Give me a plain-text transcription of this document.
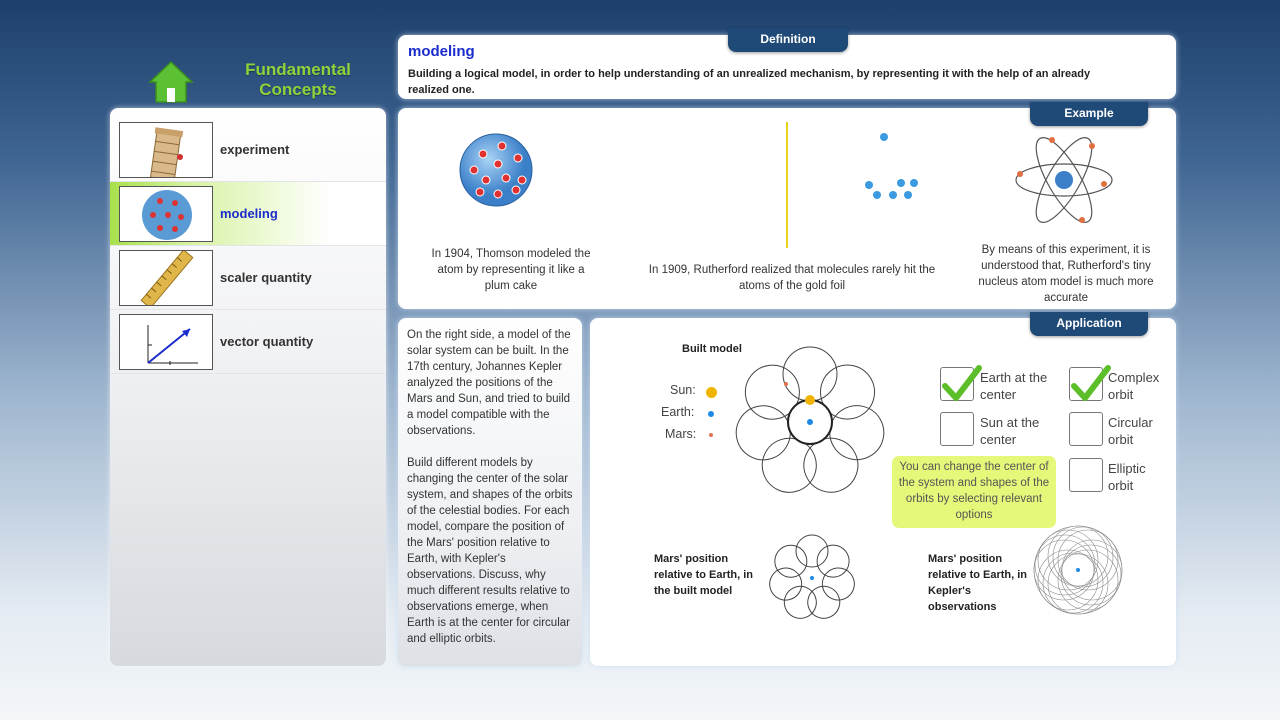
Fundamental
Concepts
experiment
modeling
scaler quantity
vector quantity
modeling
Building a logical model, in order to help understanding of an unrealized mechanism, by representing it with the help of an already realized one.
Definition
In 1904, Thomson modeled the atom by representing it like a plum cake
In 1909, Rutherford realized that molecules rarely hit the atoms of the gold foil
By means of this experiment, it is understood that, Rutherford's tiny nucleus atom model is much more accurate
Example
On the right side, a model of the solar system can be built. In the 17th century, Johannes Kepler analyzed the positions of the Mars and Sun, and tried to build a model compatible with the observations.
Build different models by changing the center of the solar system, and shapes of the orbits of the celestial bodies. For each model, compare the position of the Mars' position relative to Earth, with Kepler's observations. Discuss, why much different results relative to observations emerge, when Earth is at the center for circular and elliptic orbits.
Built model
Sun:
Earth:
Mars:
Earth at the center
Sun at the center
Complex orbit
Circular orbit
Elliptic orbit
You can change the center of the system and shapes of the orbits by selecting relevant options
Mars' position relative to Earth, in the built model
Mars' position relative to Earth, in Kepler's observations
Application
